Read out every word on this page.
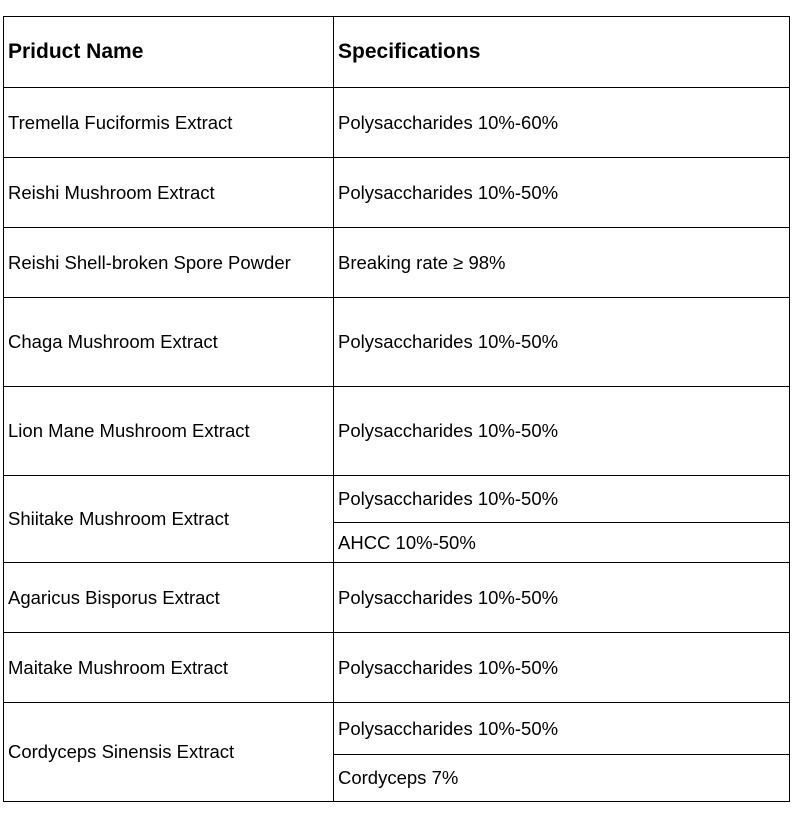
Priduct Name	Specifications
Tremella Fuciformis Extract	Polysaccharides 10%-60%
Reishi Mushroom Extract	Polysaccharides 10%-50%
Reishi Shell-broken Spore Powder	Breaking rate ≥ 98%
Chaga Mushroom Extract	Polysaccharides 10%-50%
Lion Mane Mushroom Extract	Polysaccharides 10%-50%
Shiitake Mushroom Extract	Polysaccharides 10%-50%
	AHCC 10%-50%
Agaricus Bisporus Extract	Polysaccharides 10%-50%
Maitake Mushroom Extract	Polysaccharides 10%-50%
Cordyceps Sinensis Extract	Polysaccharides 10%-50%
	Cordyceps 7%
